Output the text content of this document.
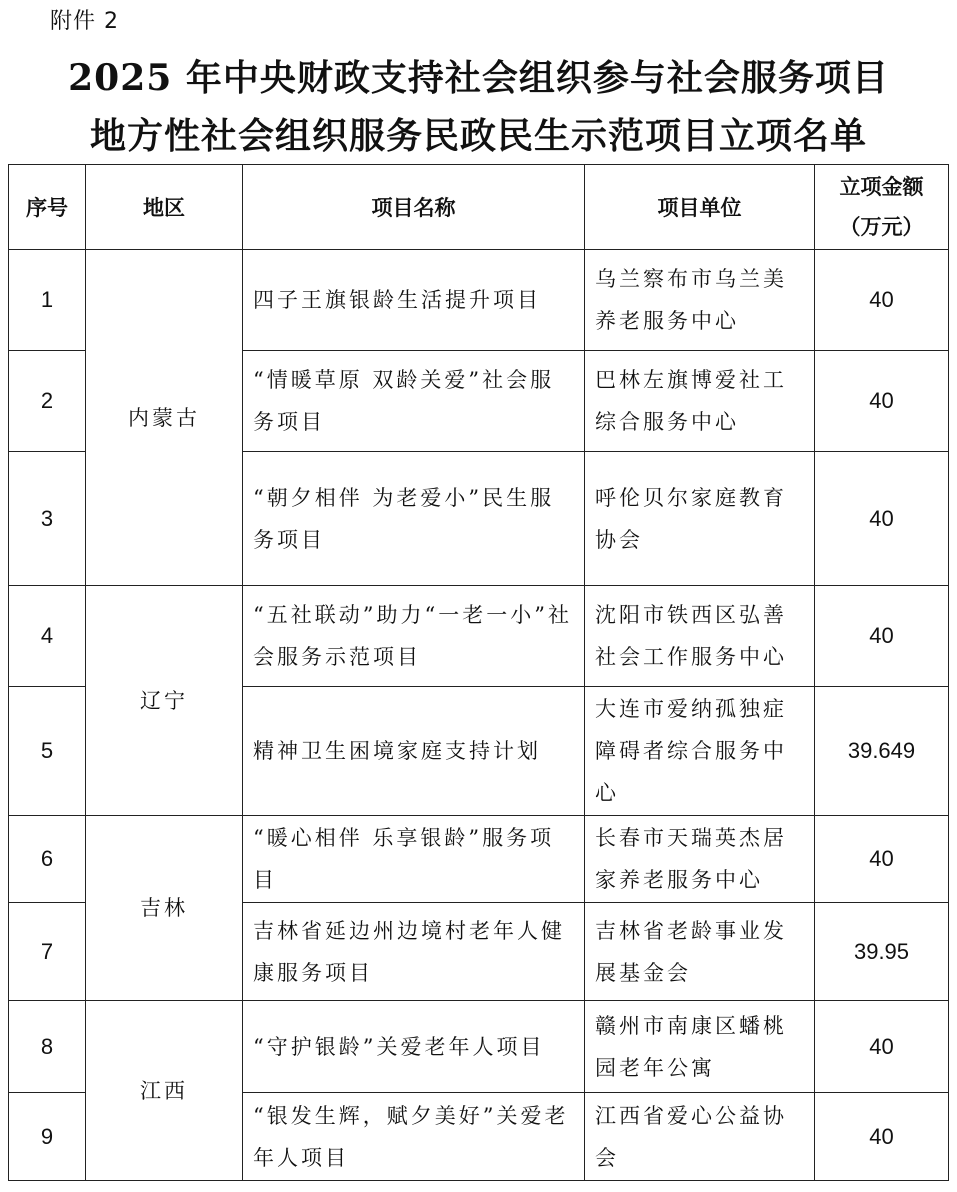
附件 2
2025 年中央财政支持社会组织参与社会服务项目
地方性社会组织服务民政民生示范项目立项名单
序号	地区	项目名称	项目单位	立项金额
（万元）
1	内蒙古	四子王旗银龄生活提升项目	乌兰察布市乌兰美养老服务中心	40
2		“情暖草原 双龄关爱”社会服务项目	巴林左旗博爱社工综合服务中心	40
3		“朝夕相伴 为老爱小”民生服务项目	呼伦贝尔家庭教育协会	40
4	辽宁	“五社联动”助力“一老一小”社会服务示范项目	沈阳市铁西区弘善社会工作服务中心	40
5		精神卫生困境家庭支持计划	大连市爱纳孤独症障碍者综合服务中心	39.649
6	吉林	“暖心相伴 乐享银龄”服务项目	长春市天瑞英杰居家养老服务中心	40
7		吉林省延边州边境村老年人健康服务项目	吉林省老龄事业发展基金会	39.95
8	江西	“守护银龄”关爱老年人项目	赣州市南康区蟠桃园老年公寓	40
9		“银发生辉，赋夕美好”关爱老年人项目	江西省爱心公益协会	40
